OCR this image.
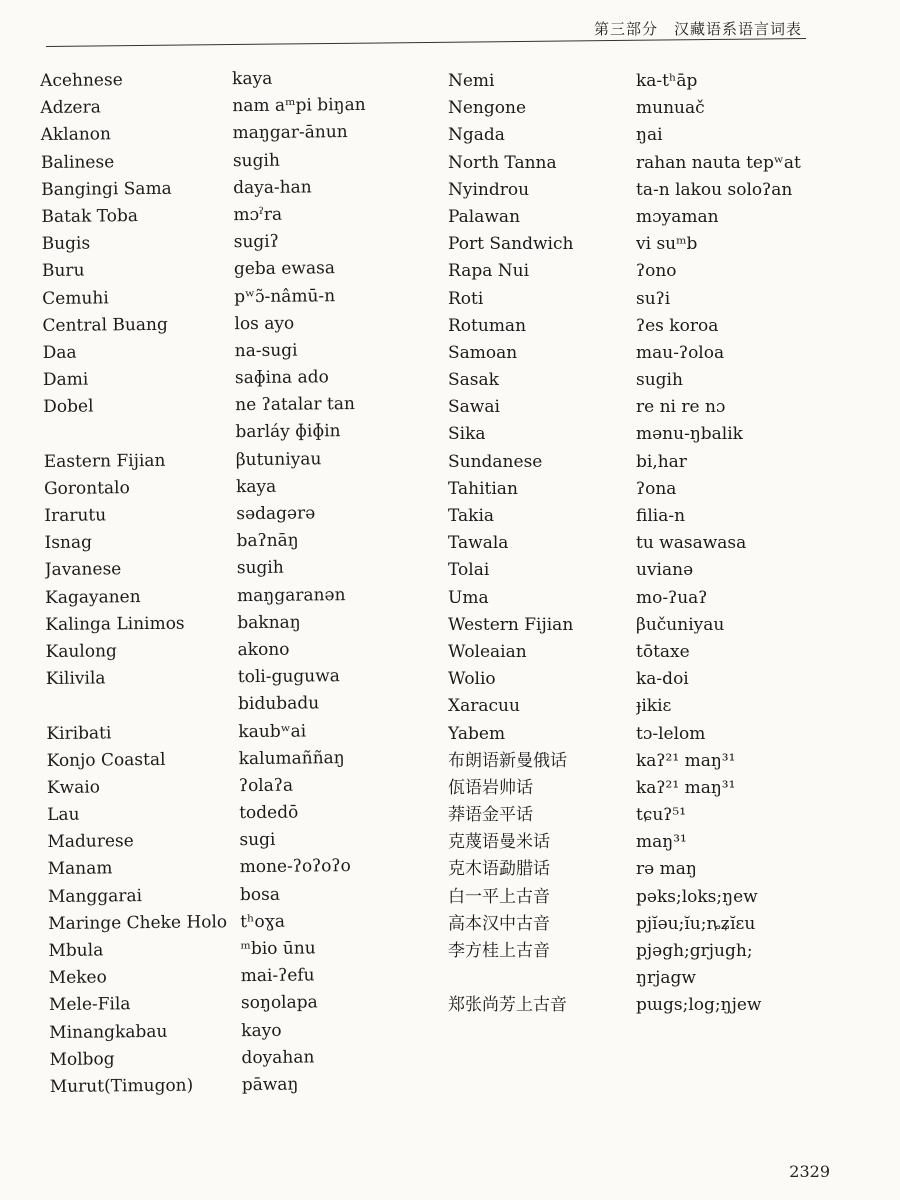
第三部分　汉藏语系语言词表
Acehnese	kaya
Adzera	nam aᵐpi biŋan
Aklanon	maŋgar-ānun
Balinese	sugih
Bangingi Sama	daya-han
Batak Toba	mɔˀra
Bugis	sugiʔ
Buru	geba ewasa
Cemuhi	pʷɔ̃-nâmū-n
Central Buang	los ayo
Daa	na-sugi
Dami	saɸina ado
Dobel	ne ʔatalar tan
barláy ɸiɸin
Eastern Fijian	βutuniyau
Gorontalo	kaya
Irarutu	sədagərə
Isnag	baʔnāŋ
Javanese	sugih
Kagayanen	maŋgaranən
Kalinga Linimos	baknaŋ
Kaulong	akono
Kilivila	toli-guguwa
bidubadu
Kiribati	kaubʷai
Konjo Coastal	kalumaññaŋ
Kwaio	ʔolaʔa
Lau	todedō
Madurese	sugi
Manam	mone-ʔoʔoʔo
Manggarai	bosa
Maringe Cheke Holo tʰoɣa
Mbula	ᵐbio ūnu
Mekeo	mai-ʔefu
Mele-Fila	soŋolapa
Minangkabau	kayo
Molbog	doyahan
Murut(Timugon)	pāwaŋ
Nemi	ka-tʰāp
Nengone	munuač
Ngada	ŋai
North Tanna	rahan nauta tepʷat
Nyindrou	ta-n lakou soloʔan
Palawan	mɔyaman
Port Sandwich	vi suᵐb
Rapa Nui	ʔono
Roti	suʔi
Rotuman	ʔes koroa
Samoan	mau-ʔoloa
Sasak	sugih
Sawai	re ni re nɔ
Sika	mənu-ŋbalik
Sundanese	bi,har
Tahitian	ʔona
Takia	filia-n
Tawala	tu wasawasa
Tolai	uvianə
Uma	mo-ʔuaʔ
Western Fijian	βučuniyau
Woleaian	tōtaxe
Wolio	ka-doi
Xaracuu	ɟikiɛ
Yabem	tɔ-lelom
布朗语新曼俄话	kaʔ²¹ maŋ³¹
佤语岩帅话	kaʔ²¹ maŋ³¹
莽语金平话	tɕuʔ⁵¹
克蔑语曼米话	maŋ³¹
克木语勐腊话	rə maŋ
白一平上古音	pəks;loks;ŋew
高本汉中古音	pjĭəu;ĭu;ȵʑĭɛu
李方桂上古音	pjəgh;grjugh;
ŋrjagw
郑张尚芳上古音	pɯgs;log;ŋjew
2329
